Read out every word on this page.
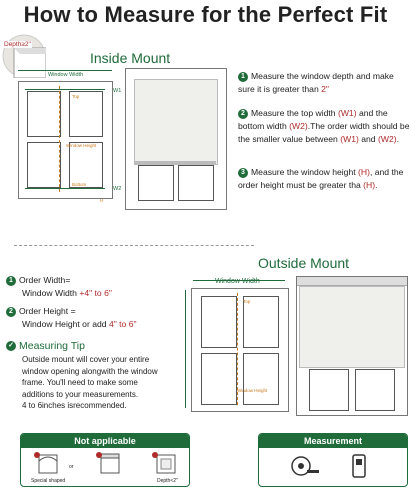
How to Measure for the Perfect Fit
Depth≥2"
Inside Mount
Window Width
W1
W2
Top
Window Height
Bottom
H
1 Measure the window depth and make sure it is greater than 2"
2 Measure the top width (W1) and the bottom width (W2).The order width should be the smaller value between (W1) and (W2).
3 Measure the window height (H), and the order height must be greater tha (H).
Outside Mount
1 Order Width=
Window Width +4" to 6"
2 Order Height =
Window Height or add 4" to 6"
✓ Measuring Tip
Outside mount will cover your entire
window opening alongwith the window
frame. You'll need to make some
additions to your measurements.
4 to 6inches isrecommended.
Window Width
Top
Window Height
Not applicable
Special shaped
or
Depth<2"
Measurement
